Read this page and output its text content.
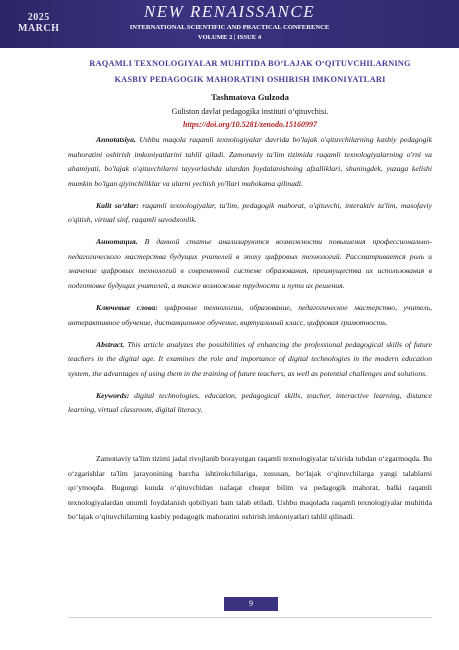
2025
MARCH
NEW RENAISSANCE
INTERNATIONAL SCIENTIFIC AND PRACTICAL CONFERENCE
VOLUME 2 | ISSUE 4
RAQAMLI TEXNOLOGIYALAR MUHITIDA BO‘LAJAK O‘QITUVCHILARNING
KASBIY PEDAGOGIK MAHORATINI OSHIRISH IMKONIYATLARI
Tashmatova Gulzoda
Guliston davlat pedagogika instituti o‘qituvchisi.
https://doi.org/10.5281/zenodo.15160997

Annotatsiya. Ushbu maqola raqamli texnologiyalar davrida bo'lajak o'qituvchilarning kasbiy pedagogik mahoratini oshirish imkoniyatlarini tahlil qiladi. Zamonaviy ta'lim tizimida raqamli texnologiyalarning o'rni va ahamiyati, bo'lajak o'qituvchilarni tayyorlashda ulardan foydalanishning afzalliklari, shuningdek, yuzaga kelishi mumkin bo'lgan qiyinchiliklar va ularni yechish yo'llari muhokama qilinadi.

Kalit so‘zlar: raqamli texnologiyalar, ta'lim, pedagogik mahorat, o'qituvchi, interaktiv ta'lim, masofaviy o'qitish, virtual sinf, raqamli savodxonlik.

Аннотация. В данной статье анализируются возможности повышения профессионально-педагогического мастерства будущих учителей в эпоху цифровых технологий. Рассматривается роль и значение цифровых технологий в современной системе образования, преимущества их использования в подготовке будущих учителей, а также возможные трудности и пути их решения.

Ключевые слова: цифровые технологии, образование, педагогическое мастерство, учитель, интерактивное обучение, дистанционное обучение, виртуальный класс, цифровая грамотность.

Abstract. This article analyzes the possibilities of enhancing the professional pedagogical skills of future teachers in the digital age. It examines the role and importance of digital technologies in the modern education system, the advantages of using them in the training of future teachers, as well as potential challenges and solutions.

Keywords: digital technologies, education, pedagogical skills, teacher, interactive learning, distance learning, virtual classroom, digital literacy.

Zamonaviy ta'lim tizimi jadal rivojlanib borayotgan raqamli texnologiyalar ta'sirida tubdan o‘zgarmoqda. Bu o‘zgarishlar ta'lim jarayonining barcha ishtirokchilariga, xususan, bo‘lajak o‘qituvchilarga yangi talablarni qo‘ymoqda. Bugungi kunda o‘qituvchidan nafaqat chuqur bilim va pedagogik mahorat, balki raqamli texnologiyalardan unumli foydalanish qobiliyati ham talab etiladi. Ushbu maqolada raqamli texnologiyalar muhitida bo‘lajak o‘qituvchilarning kasbiy pedagogik mahoratini oshirish imkoniyatlari tahlil qilinadi.

9
